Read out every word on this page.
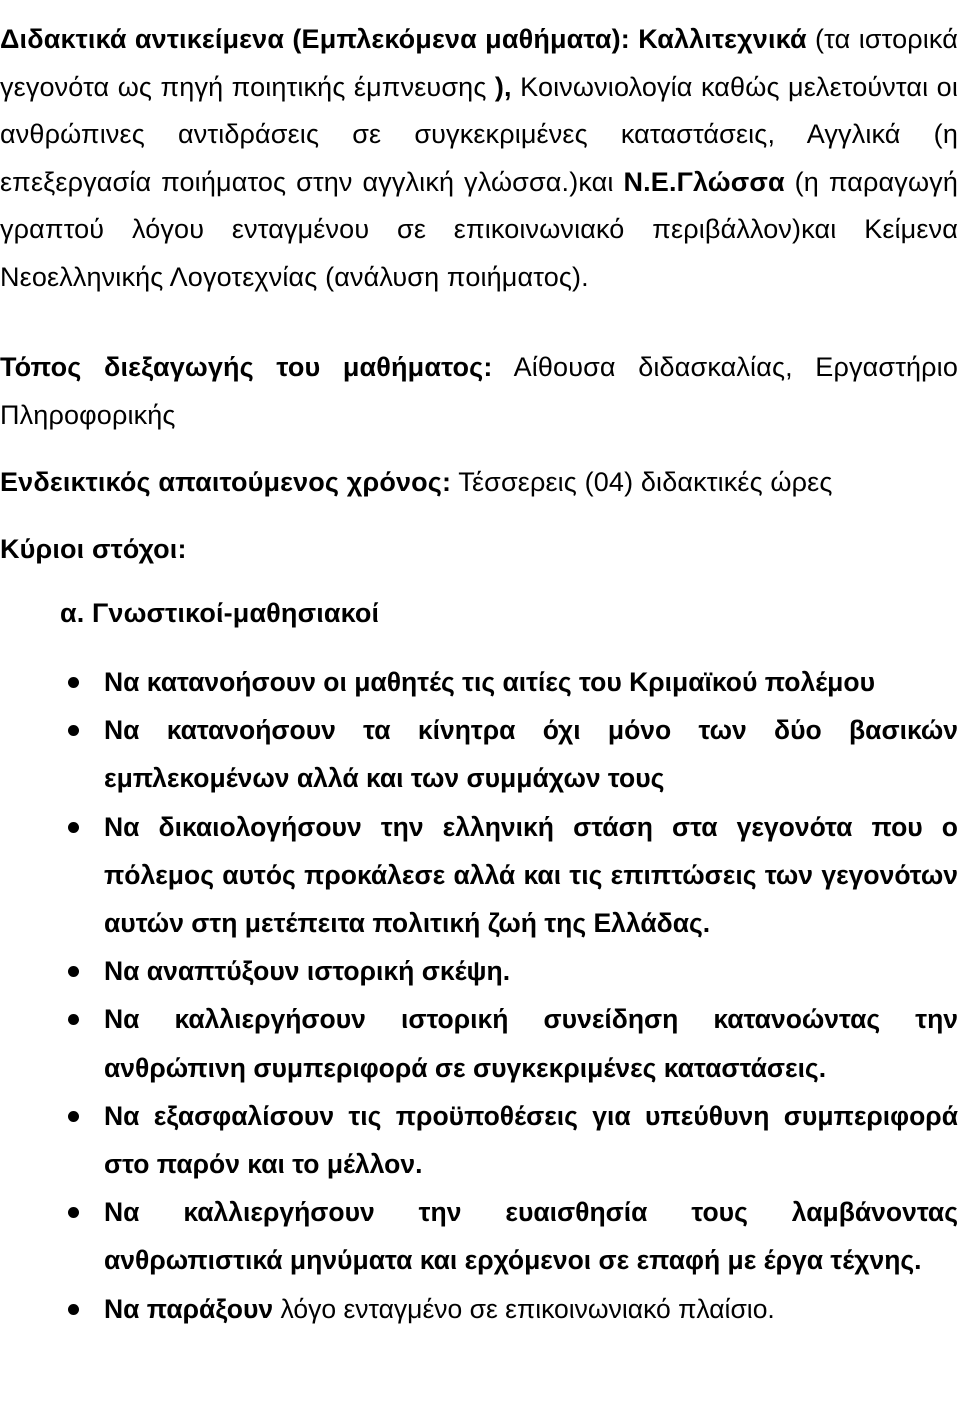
Διδακτικά αντικείμενα (Εμπλεκόμενα μαθήματα): Καλλιτεχνικά (τα ιστορικά γεγονότα ως πηγή ποιητικής έμπνευσης ), Κοινωνιολογία καθώς μελετούνται οι ανθρώπινες αντιδράσεις σε συγκεκριμένες καταστάσεις, Αγγλικά (η επεξεργασία ποιήματος στην αγγλική γλώσσα.)και Ν.Ε.Γλώσσα (η παραγωγή γραπτού λόγου ενταγμένου σε επικοινωνιακό περιβάλλον)και Κείμενα Νεοελληνικής Λογοτεχνίας (ανάλυση ποιήματος).
Τόπος διεξαγωγής του μαθήματος: Αίθουσα διδασκαλίας, Εργαστήριο Πληροφορικής
Ενδεικτικός απαιτούμενος χρόνος: Τέσσερεις (04) διδακτικές ώρες
Κύριοι στόχοι:
α. Γνωστικοί-μαθησιακοί
Να κατανοήσουν οι μαθητές τις αιτίες του Κριμαϊκού πολέμου
Να κατανοήσουν τα κίνητρα όχι μόνο των δύο βασικών εμπλεκομένων αλλά και των συμμάχων τους
Να δικαιολογήσουν την ελληνική στάση στα γεγονότα που ο πόλεμος αυτός προκάλεσε αλλά και τις επιπτώσεις των γεγονότων αυτών στη μετέπειτα πολιτική ζωή της Ελλάδας.
Να αναπτύξουν ιστορική σκέψη.
Να καλλιεργήσουν ιστορική συνείδηση κατανοώντας την ανθρώπινη συμπεριφορά σε συγκεκριμένες καταστάσεις.
Να εξασφαλίσουν τις προϋποθέσεις για υπεύθυνη συμπεριφορά στο παρόν και το μέλλον.
Να καλλιεργήσουν την ευαισθησία τους λαμβάνοντας ανθρωπιστικά μηνύματα και ερχόμενοι σε επαφή με έργα τέχνης.
Να παράξουν λόγο ενταγμένο σε επικοινωνιακό πλαίσιο.
